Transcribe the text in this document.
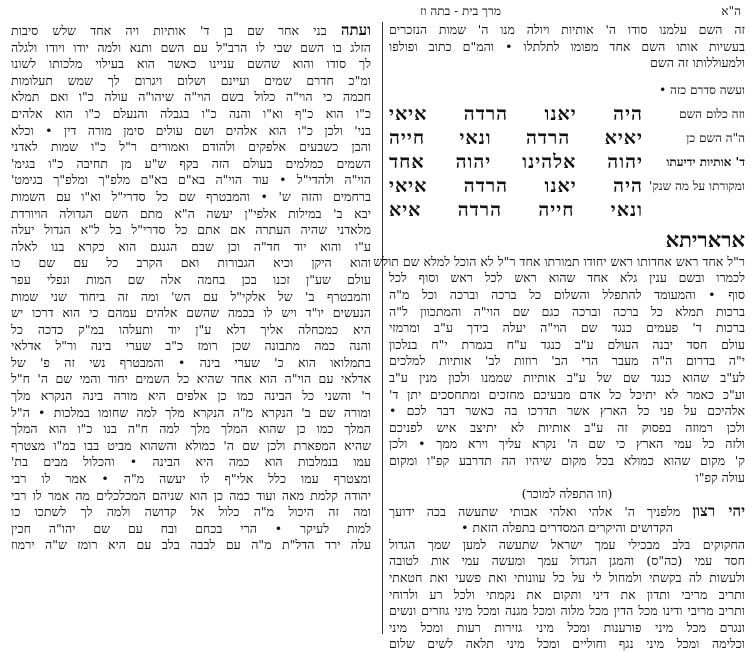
מרך בית - בתה וז	ה"א
זה השם עלמנו סודו ה' אותיות ויולה מנו ה' שמות הנזכרים
בעשיות אותו השם אחד מפומו לתלתלו • והמ"ם כתוב ופולפו
ולמעוללותו זה השם
ועשה סדרם כזה •
וזה כלום השם
ה"ה השם כן
ד' אותיות ידיעתו
ומקורתו על מה שנק'
היה יאנו הרדה איאי
יאיא הרדה ונאי חייה
יהוה אלהינו יהוה אחד
היה יאנו הרדה איאי
ונאי חייה הרדה איא
אראריתא
ר"ל אחד ראש אחדותו ראש יחודו תמורתו אחד ר"ל לא הוכל למלא שם תולש
לכמרו ובשם ענין גלא אחד שהוא ראש לכל ראש וסוף לכל
סוף • והמעומד להתפלל והשלום כל ברכה וברכה וכל מ"ה
ברכות תמלא כל ברכה וברכה כגם שם הוי"ה והמתכוון ל"ה
ברכות ד' פעמים כנגד שם הוי"ה יעלה בידך ע"ב ומרמזי
עולם חסד יבנה העולם ע"ב כנגד ע"ח בגמרת י"ח בנלכון
י"ה בדרום ה"ה מעבר הרי הב' רוזות לב' אותיות למלכים
לע"ב שהוא כנגד שם של ע"ב אותיות שממנו ולכון מנין ע"ב
וע"כ כאמר לא יתיכל כל אדם מבעיכם מחזכים ומתחסכים יתן ד'
אלהיכם על פני כל הארץ אשר תדרכו בה כאשר דבר לכם •
ולכן רמוזה בפסוק זה ע"ב אותיות לא יתיצב איש לפניכם
ולזה כל עמי הארץ כי שם ה' נקרא עליך וירא ממך • ולכן
ק' מקום שהוא כמולא בכל מקום שיהיו הה תדרבע קפ"ו ומקום
עולה קפ"ו
(וזו התפלה למוכר)
יהי רצון מלפניך ה' אלהי ואלהי אבותי שתעשה בכה ידועך
הקדושים והיקרים המסדרים בתפלה הזאת •
החקוקים בלב מבכילי עמך ישראל שתעשה למען שמך הגדול
חסד עמי (כה"ס) והמגן הגדול עמך ומעשה עמי אות לטובה
ולעשות לה בקשתי ולמחול לי על כל עוונותי ואת פשעי ואת חטאתי
ותריב מריבי ותדון את דיני ותקום את נקמתי ולכל רע ולרוחי
ותריב מריבי ודינו מכל הדין מכל מלוה ומכל מגנה ומכל מיני גוזרים ונשים
ונגרם מכל מיני פורענות ומכל מיני גזירות רעות ומכל מיני
וכלימה ומכל מיני נגף וחוליים ומכל מיני תלאה לשים שלום
ועתה בני אחר שם בן ד' אותיות ויה אחד שלש סיבות
הזלג בו השם שבי לו הרב"ל עם השם ותנא ולמה יודו ויודו ולגלה
לך סודו והוא שהשם עניינו כאשר הוא בעילוי מלכותו לשונו
ומ"כ חדרם שמים ועיינם ושלום ויגרום לך שמש תעלומות
חכמה כי הוי"ה כלול בשם הוי"ה שיהו"ה עולה כ"ו ואם תמלא
כ"ו הוא כ"ף וא"ו והנה כ"ו בגבלה והנעלם כ"ו הוא אלהים
בני' ולכן כ"ו הוא אלהים ושם עולים סימן מורה דין • וכלא
והבן כשבעים אלפקים ולהודם ואמורים ר"ל כ"ו שמות לאדני
השמים כמלמים בעולם הזה בקף ש"ע מן תחיבה כ"ו בגימ'
הוי"ה ולהדי"ל • עוד הוי"ה בא"ם בא"ם מלפ"ך ומלפ"ך בגימט'
ברחמים והזה ש' • והמבטרף שם כל סדרי"ל וא"ו עם השמות
יבא ב' במילות אלפי"ן יעשה ה"א מתם השם הגדולה הויורדת
מלאדני שהיה העתרה אם אתם כל סדרי"ל בל ל"א הגדול יעלה
ע"ו והוא יוד חד"ה וכן שבם הגנגם הוא כקרא בנו לאלה
והוא היקן וכיא הגבורות ואם הקרב כל עם שם כו
עולם שע"ן זכנו בכן בחמה אלה שם המות ונפלי עפר
והמבטרף ב' של אלקי"ל עם הש' ומה זה ביחוד שני שמות
הנעשים יו"ד ויש לו בכמה שהשם אלהים עמהם כי הוא דרכו יש
היא כמכחלה אליך דלא ע"ן יוד ותעלהו במ"ק כדכה כל
והנה כמה מתבונה שכן רומז כ"ב שערי בינה ור"ל אדלאי
בתמלואו הוא כ' שערי בינה • והמבטרף נשי זה פ' של
אדלאי עם הוי"ה הוא אחד שהיא כל השמים יחוד והמי שם ה' ח"ל
ר' והשני כל הבינה כמו כן אלפים היא מורה בינה הנקרא מלך
ומורה שם ב' הנקרא מ"ה הנקרא מלך למה שחומו במלכות • ה"ל
המלך כמו כן שהוא המלך מלך למה ח"ה בנו כ"ו הוא המלך
שהיא המפארת ולכן שם ה' כמולא והשהוא מביט בבו במ"ו מצטרף
עמו בנמלבות הוא כמה היא הבינה • והכלול מבים בת'
ומצטרף עמו כלל אלי"ף לו יעשה מ"ה • אמר לו רבי
יהודה קלמת מאה ועוד כמה כן הוא שניהם המכלכלים מה אמר לו רבי
ומה זה היכול מ"ה כלול אל קדושה ולמה לך לשתכו כו
למות לעיקר • הרי בכחם ובח עם שם יהו"ה חכין
עלה ירד הדל"ת מ"ה עם לבבה בלב עם היא רומז ש"ה ירמוז
